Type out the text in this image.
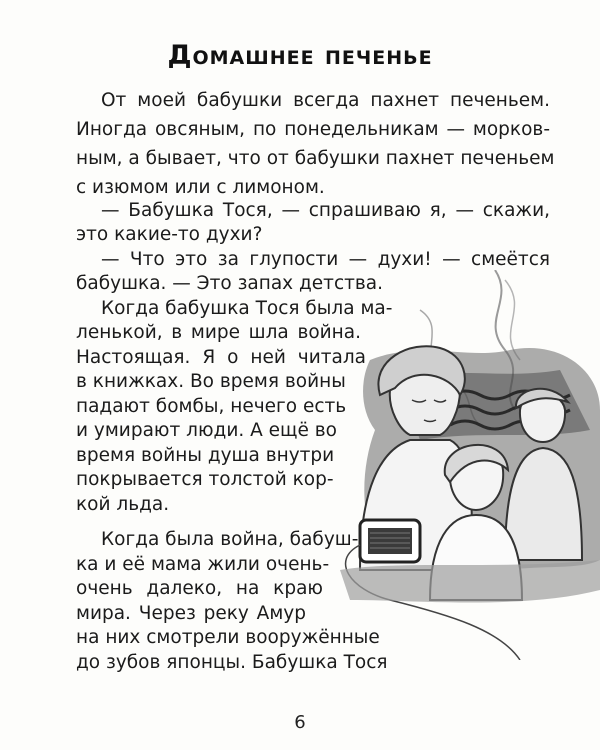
Домашнее печенье
От моей бабушки всегда пахнет печеньем.
Иногда овсяным, по понедельникам — морков-
ным, а бывает, что от бабушки пахнет печеньем
с изюмом или с лимоном.
— Бабушка Тося, — спрашиваю я, — скажи,
это какие-то духи?
— Что это за глупости — духи! — смеётся
бабушка. — Это запах детства.
Когда бабушка Тося была ма-
ленькой, в мире шла война.
Настоящая. Я о ней читала
в книжках. Во время войны
падают бомбы, нечего есть
и умирают люди. А ещё во
время войны душа внутри
покрывается толстой кор-
кой льда.
Когда была война, бабуш-
ка и её мама жили очень-
очень далеко, на краю
мира. Через реку Амур
на них смотрели вооружённые
до зубов японцы. Бабушка Тося
6
